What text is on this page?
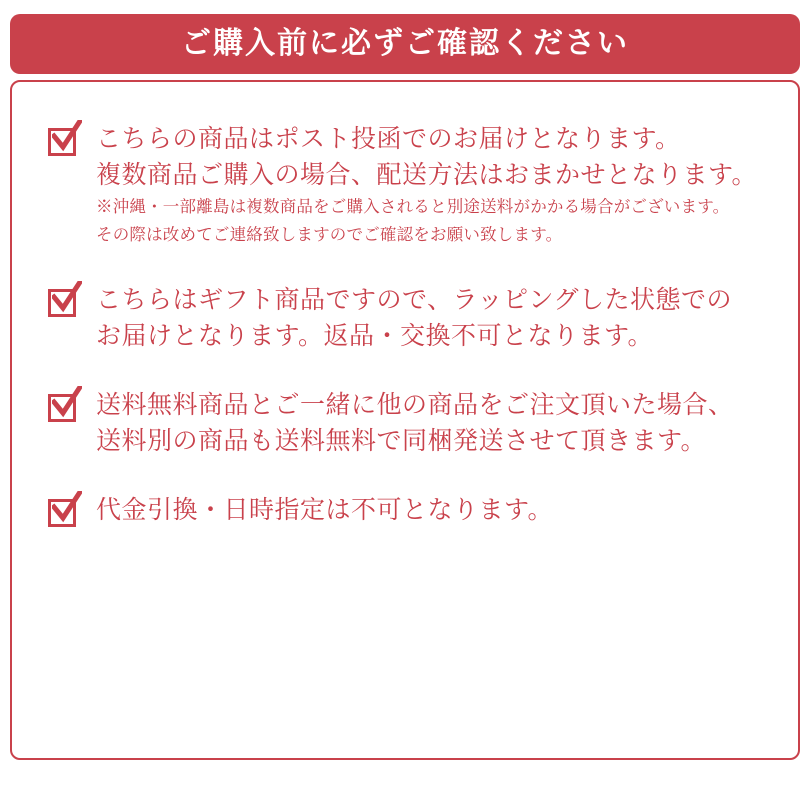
ご購入前に必ずご確認ください
こちらの商品はポスト投函でのお届けとなります。
複数商品ご購入の場合、配送方法はおまかせとなります。
※沖縄・一部離島は複数商品をご購入されると別途送料がかかる場合がございます。
その際は改めてご連絡致しますのでご確認をお願い致します。
こちらはギフト商品ですので、ラッピングした状態での
お届けとなります。返品・交換不可となります。
送料無料商品とご一緒に他の商品をご注文頂いた場合、
送料別の商品も送料無料で同梱発送させて頂きます。
代金引換・日時指定は不可となります。
